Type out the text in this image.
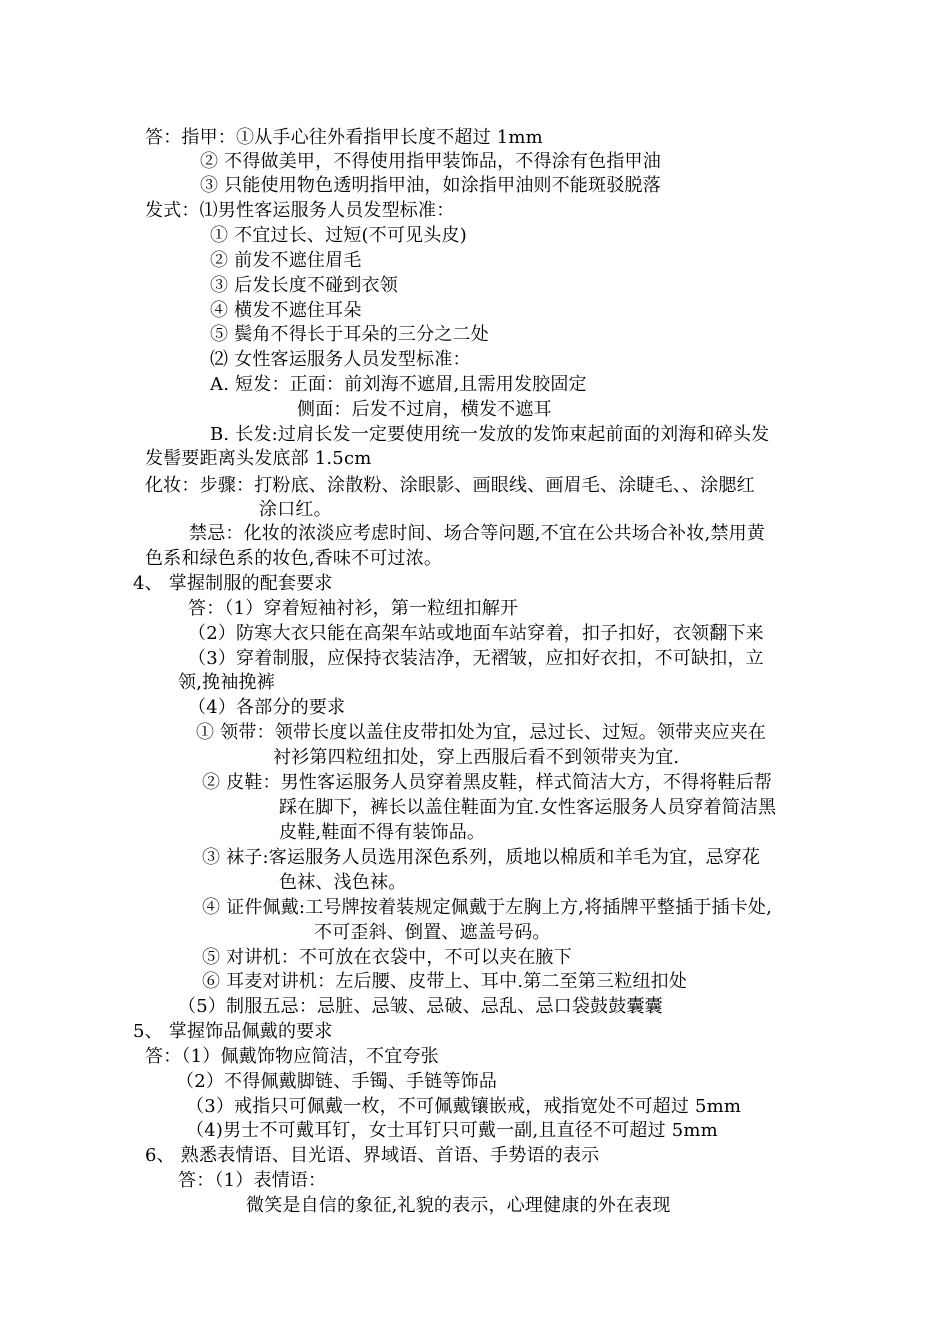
答：指甲：①从手心往外看指甲长度不超过 1mm
② 不得做美甲，不得使用指甲装饰品，不得涂有色指甲油
③ 只能使用物色透明指甲油，如涂指甲油则不能斑驳脱落
发式：⑴男性客运服务人员发型标准：
① 不宜过长、过短(不可见头皮)
② 前发不遮住眉毛
③ 后发长度不碰到衣领
④ 横发不遮住耳朵
⑤ 鬓角不得长于耳朵的三分之二处
⑵ 女性客运服务人员发型标准：
A. 短发：正面：前刘海不遮眉,且需用发胶固定
侧面：后发不过肩，横发不遮耳
B. 长发:过肩长发一定要使用统一发放的发饰束起前面的刘海和碎头发
发髻要距离头发底部 1.5cm
化妆：步骤：打粉底、涂散粉、涂眼影、画眼线、画眉毛、涂睫毛、、涂腮红
涂口红。
禁忌：化妆的浓淡应考虑时间、场合等问题,不宜在公共场合补妆,禁用黄
色系和绿色系的妆色,香味不可过浓。
4、 掌握制服的配套要求
答：（1）穿着短袖衬衫，第一粒纽扣解开
（2）防寒大衣只能在高架车站或地面车站穿着，扣子扣好，衣领翻下来
（3）穿着制服，应保持衣装洁净，无褶皱，应扣好衣扣，不可缺扣，立
领,挽袖挽裤
（4）各部分的要求
① 领带：领带长度以盖住皮带扣处为宜，忌过长、过短。领带夹应夹在
衬衫第四粒纽扣处，穿上西服后看不到领带夹为宜.
② 皮鞋：男性客运服务人员穿着黑皮鞋，样式简洁大方，不得将鞋后帮
踩在脚下，裤长以盖住鞋面为宜.女性客运服务人员穿着简洁黑
皮鞋,鞋面不得有装饰品。
③ 袜子:客运服务人员选用深色系列，质地以棉质和羊毛为宜，忌穿花
色袜、浅色袜。
④ 证件佩戴:工号牌按着装规定佩戴于左胸上方,将插牌平整插于插卡处,
不可歪斜、倒置、遮盖号码。
⑤ 对讲机：不可放在衣袋中，不可以夹在腋下
⑥ 耳麦对讲机：左后腰、皮带上、耳中.第二至第三粒纽扣处
（5）制服五忌：忌脏、忌皱、忌破、忌乱、忌口袋鼓鼓囊囊
5、 掌握饰品佩戴的要求
答：（1）佩戴饰物应简洁，不宜夸张
（2）不得佩戴脚链、手镯、手链等饰品
（3）戒指只可佩戴一枚，不可佩戴镶嵌戒，戒指宽处不可超过 5mm
（4)男士不可戴耳钉，女士耳钉只可戴一副,且直径不可超过 5mm
6、 熟悉表情语、目光语、界域语、首语、手势语的表示
答：（1）表情语：
微笑是自信的象征,礼貌的表示，心理健康的外在表现
